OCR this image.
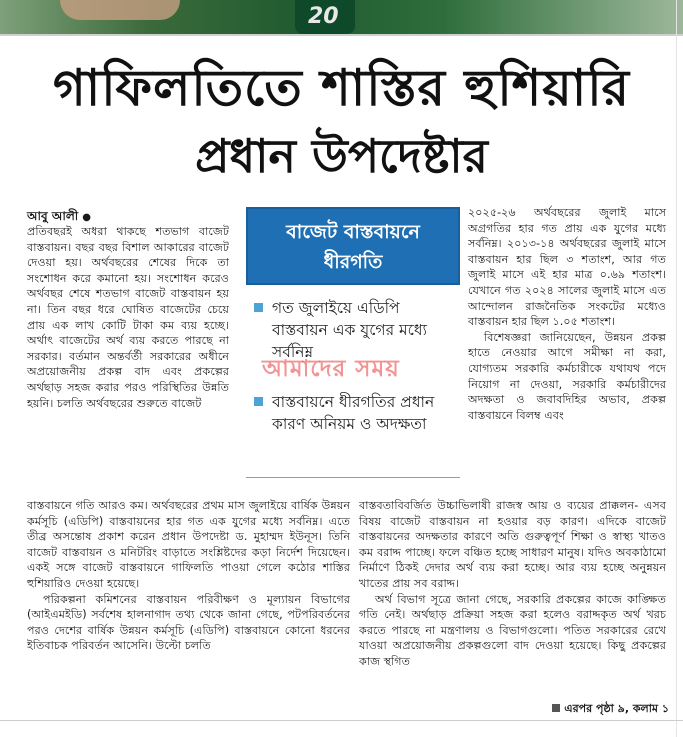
20
গাফিলতিতে শাস্তির হুশিয়ারি
প্রধান উপদেষ্টার
আবু আলী ●

প্রতিবছরই অধরা থাকছে শতভাগ বাজেট বাস্তবায়ন। বছর বছর বিশাল আকারের বাজেট দেওয়া হয়। অর্থবছরের শেষের দিকে তা সংশোধন করে কমানো হয়। সংশোধন করেও অর্থবছর শেষে শতভাগ বাজেট বাস্তবায়ন হয় না। তিন বছর ধরে ঘোষিত বাজেটের চেয়ে প্রায় এক লাখ কোটি টাকা কম ব্যয় হচ্ছে। অর্থাৎ বাজেটের অর্থ ব্যয় করতে পারছে না সরকার। বর্তমান অন্তর্বর্তী সরকারের অধীনে অপ্রয়োজনীয় প্রকল্প বাদ এবং প্রকল্পের অর্থছাড় সহজ করার পরও পরিস্থিতির উন্নতি হয়নি। চলতি অর্থবছরের শুরুতে বাজেট

বাজেট বাস্তবায়নে
ধীরগতি
গত জুলাইয়ে এডিপি বাস্তবায়ন এক যুগের মধ্যে সর্বনিম্ন
বাস্তবায়নে ধীরগতির প্রধান কারণ অনিয়ম ও অদক্ষতা
আমাদের সময়

২০২৫-২৬ অর্থবছরের জুলাই মাসে অগ্রগতির হার গত প্রায় এক যুগের মধ্যে সর্বনিম্ন। ২০১৩-১৪ অর্থবছরের জুলাই মাসে বাস্তবায়ন হার ছিল ৩ শতাংশ, আর গত জুলাই মাসে এই হার মাত্র ০.৬৯ শতাংশ। যেখানে গত ২০২৪ সালের জুলাই মাসে এত আন্দোলন রাজনৈতিক সংকটের মধ্যেও বাস্তবায়ন হার ছিল ১.০৫ শতাংশ।

বিশেষজ্ঞরা জানিয়েছেন, উন্নয়ন প্রকল্প হাতে নেওয়ার আগে সমীক্ষা না করা, যোগ্যতম সরকারি কর্মচারীকে যথাযথ পদে নিয়োগ না দেওয়া, সরকারি কর্মচারীদের অদক্ষতা ও জবাবদিহির অভাব, প্রকল্প বাস্তবায়নে বিলম্ব এবং

বাস্তবায়নে গতি আরও কম। অর্থবছরের প্রথম মাস জুলাইয়ে বার্ষিক উন্নয়ন কর্মসূচি (এডিপি) বাস্তবায়নের হার গত এক যুগের মধ্যে সর্বনিম্ন। এতে তীব্র অসন্তোষ প্রকাশ করেন প্রধান উপদেষ্টা ড. মুহাম্মদ ইউনূস। তিনি বাজেট বাস্তবায়ন ও মনিটরিং বাড়াতে সংশ্লিষ্টদের কড়া নির্দেশ দিয়েছেন। একই সঙ্গে বাজেট বাস্তবায়নে গাফিলতি পাওয়া গেলে কঠোর শাস্তির হুশিয়ারিও দেওয়া হয়েছে।

পরিকল্পনা কমিশনের বাস্তবায়ন পরিবীক্ষণ ও মূল্যায়ন বিভাগের (আইএমইডি) সর্বশেষ হালনাগাদ তথ্য থেকে জানা গেছে, পটপরিবর্তনের পরও দেশের বার্ষিক উন্নয়ন কর্মসূচি (এডিপি) বাস্তবায়নে কোনো ধরনের ইতিবাচক পরিবর্তন আসেনি। উল্টো চলতি

বাস্তবতাবিবর্জিত উচ্চাভিলাষী রাজস্ব আয় ও ব্যয়ের প্রাক্কলন- এসব বিষয় বাজেট বাস্তবায়ন না হওয়ার বড় কারণ। এদিকে বাজেট বাস্তবায়নের অদক্ষতার কারণে অতি গুরুত্বপূর্ণ শিক্ষা ও স্বাস্থ্য খাতও কম বরাদ্দ পাচ্ছে। ফলে বঞ্চিত হচ্ছে সাধারণ মানুষ। যদিও অবকাঠামো নির্মাণে ঠিকই দেদার অর্থ ব্যয় করা হচ্ছে। আর ব্যয় হচ্ছে অনুন্নয়ন খাতের প্রায় সব বরাদ্দ।

অর্থ বিভাগ সূত্রে জানা গেছে, সরকারি প্রকল্পের কাজে কাঙ্ক্ষিত গতি নেই। অর্থছাড় প্রক্রিয়া সহজ করা হলেও বরাদ্দকৃত অর্থ খরচ করতে পারছে না মন্ত্রণালয় ও বিভাগগুলো। পতিত সরকারের রেখে যাওয়া অপ্রয়োজনীয় প্রকল্পগুলো বাদ দেওয়া হয়েছে। কিছু প্রকল্পের কাজ স্থগিত

এরপর পৃষ্ঠা ৯, কলাম ১
